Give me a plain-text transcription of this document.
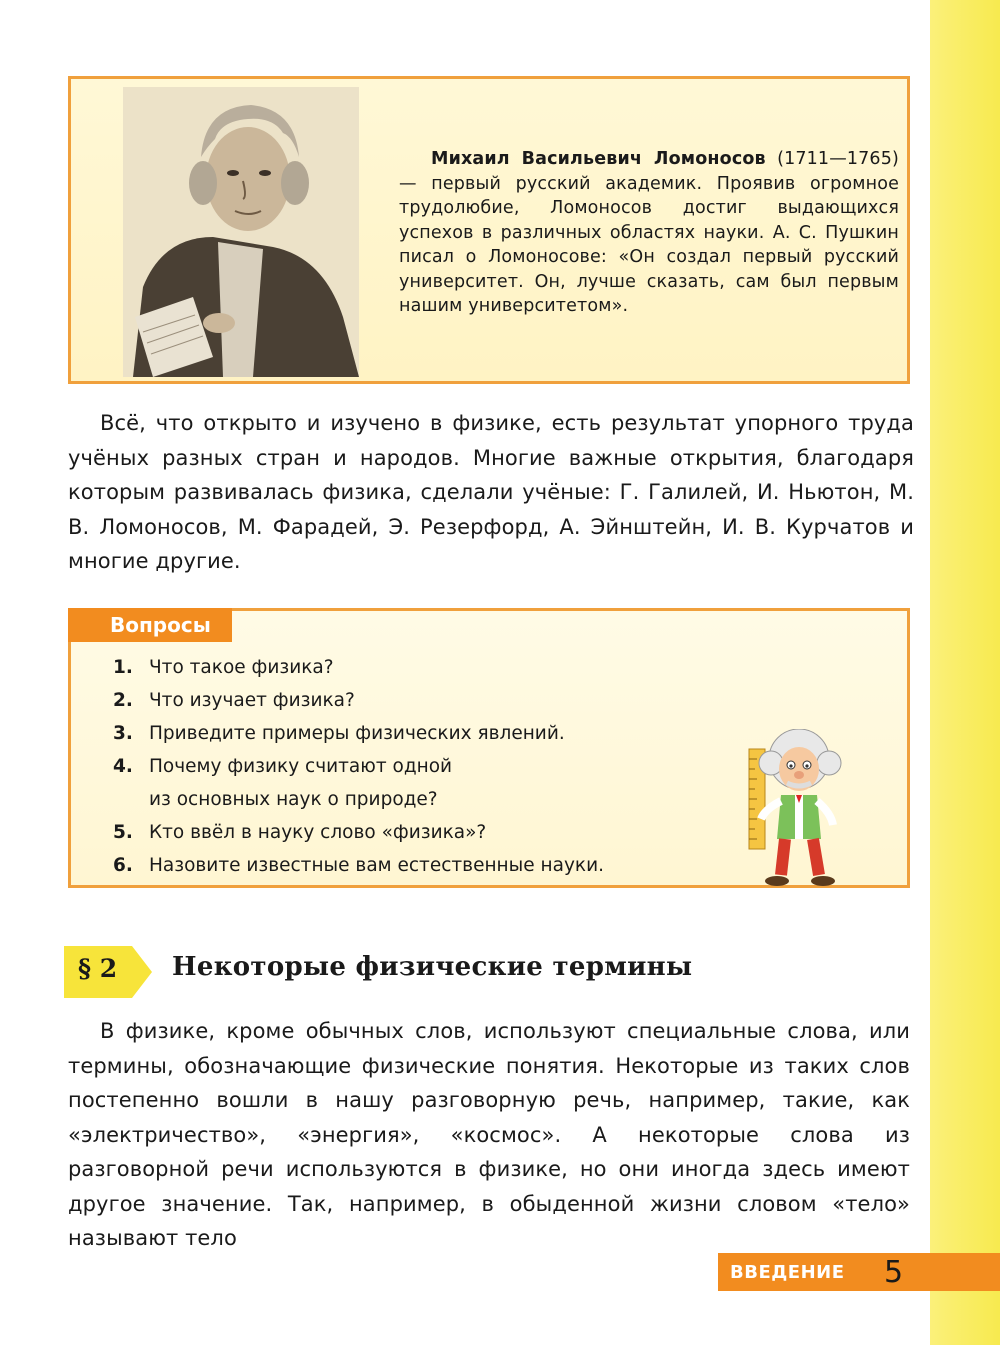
Михаил Васильевич Ломоносов (1711—1765) — первый русский академик. Проявив огромное трудолюбие, Ломоносов достиг выдающихся успехов в различных областях науки. А. С. Пушкин писал о Ломоносове: «Он создал первый русский университет. Он, лучше сказать, сам был первым нашим университетом».
Всё, что открыто и изучено в физике, есть результат упорного труда учёных разных стран и народов. Многие важные открытия, благодаря которым развивалась физика, сделали учёные: Г. Галилей, И. Ньютон, М. В. Ломоносов, М. Фарадей, Э. Резерфорд, А. Эйнштейн, И. В. Курчатов и многие другие.
Вопросы
1. Что такое физика?
2. Что изучает физика?
3. Приведите примеры физических явлений.
4. Почему физику считают одной
из основных наук о природе?
5. Кто ввёл в науку слово «физика»?
6. Назовите известные вам естественные науки.
§ 2 Некоторые физические термины
В физике, кроме обычных слов, используют специальные слова, или термины, обозначающие физические понятия. Некоторые из таких слов постепенно вошли в нашу разговорную речь, например, такие, как «электричество», «энергия», «космос». А некоторые слова из разговорной речи используются в физике, но они иногда здесь имеют другое значение. Так, например, в обыденной жизни словом «тело» называют тело
ВВЕДЕНИЕ 5
